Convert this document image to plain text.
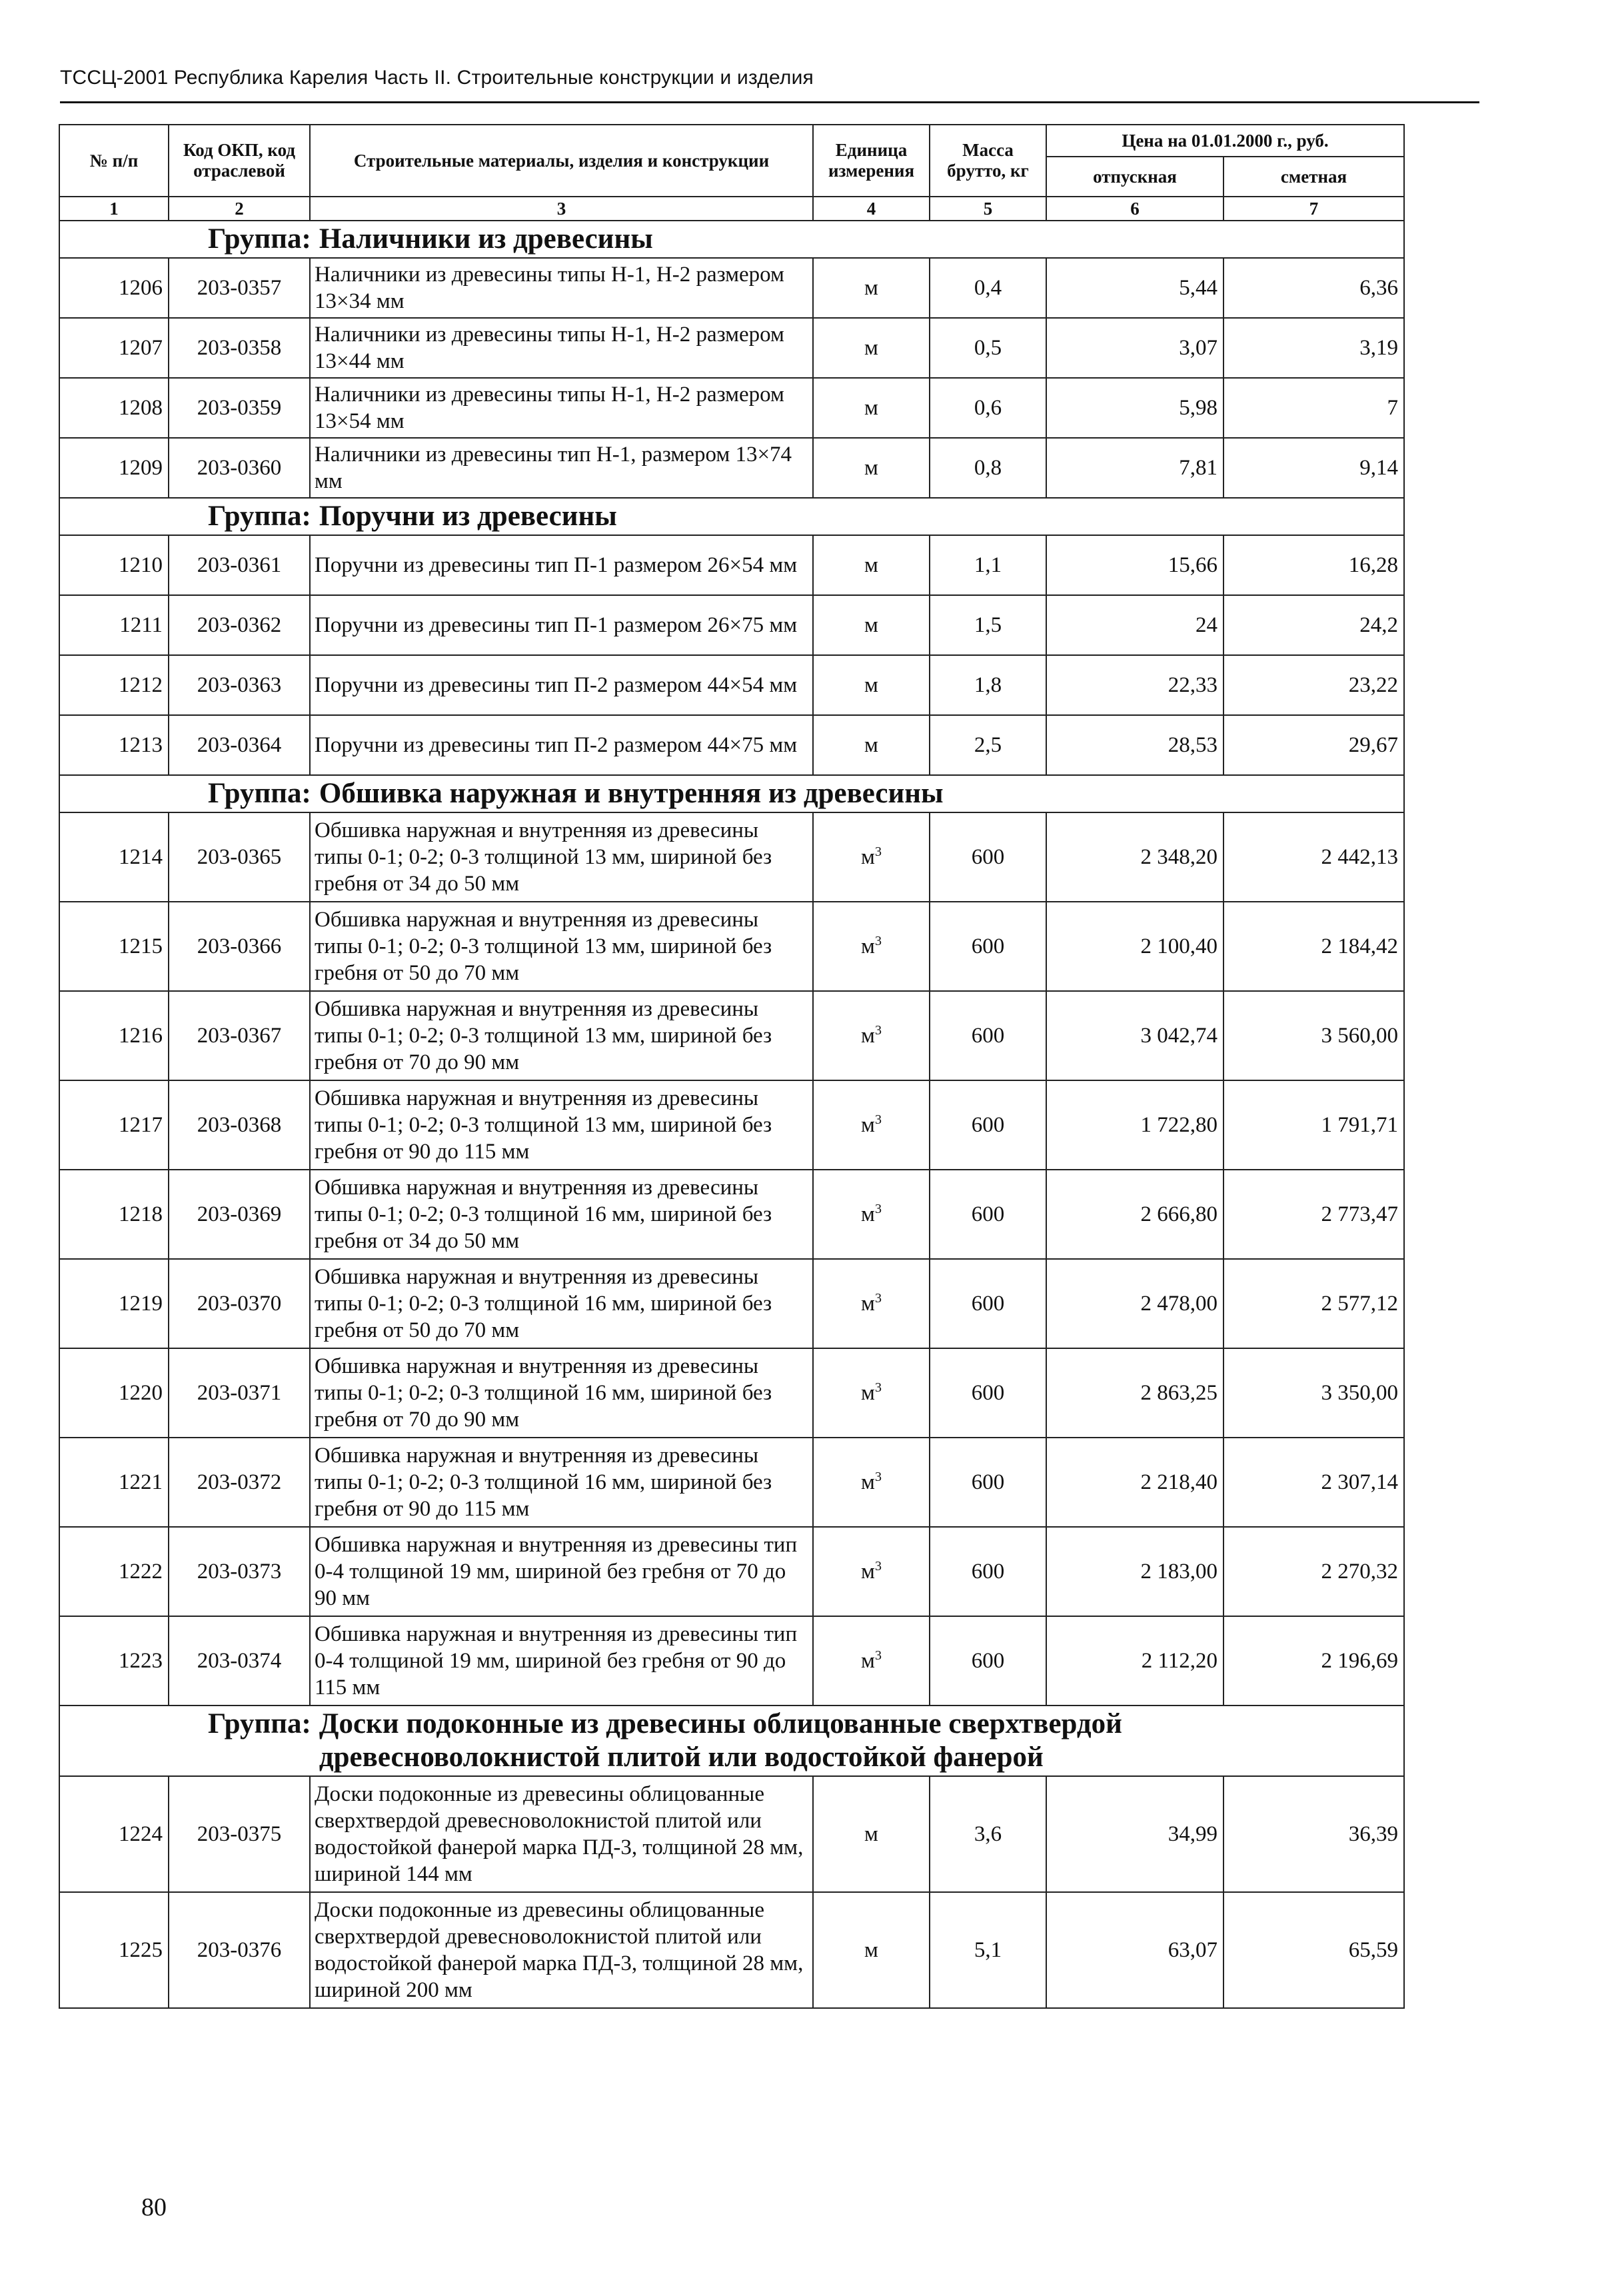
ТССЦ-2001 Республика Карелия Часть II. Строительные конструкции и изделия
№ п/п	Код ОКП, код отраслевой	Строительные материалы, изделия и конструкции	Единица измерения	Масса брутто, кг	Цена на 01.01.2000 г., руб.	
					отпускная	сметная
1	2	3	4	5	6	7

Группа: Наличники из древесины						

1206	203-0357	Наличники из древесины типы Н-1, Н-2 размером 13×34 мм	м	0,4	5,44	6,36
1207	203-0358	Наличники из древесины типы Н-1, Н-2 размером 13×44 мм	м	0,5	3,07	3,19
1208	203-0359	Наличники из древесины типы Н-1, Н-2 размером 13×54 мм	м	0,6	5,98	7
1209	203-0360	Наличники из древесины тип Н-1, размером 13×74 мм	м	0,8	7,81	9,14

Группа: Поручни из древесины						

1210	203-0361	Поручни из древесины тип П-1 размером 26×54 мм	м	1,1	15,66	16,28
1211	203-0362	Поручни из древесины тип П-1 размером 26×75 мм	м	1,5	24	24,2
1212	203-0363	Поручни из древесины тип П-2 размером 44×54 мм	м	1,8	22,33	23,22
1213	203-0364	Поручни из древесины тип П-2 размером 44×75 мм	м	2,5	28,53	29,67

Группа: Обшивка наружная и внутренняя из древесины						

1214	203-0365	Обшивка наружная и внутренняя из древесины типы 0-1; 0-2; 0-3 толщиной 13 мм, шириной без гребня от 34 до 50 мм	$м^3$	600	2 348,20	2 442,13
1215	203-0366	Обшивка наружная и внутренняя из древесины типы 0-1; 0-2; 0-3 толщиной 13 мм, шириной без гребня от 50 до 70 мм	$м^3$	600	2 100,40	2 184,42
1216	203-0367	Обшивка наружная и внутренняя из древесины типы 0-1; 0-2; 0-3 толщиной 13 мм, шириной без гребня от 70 до 90 мм	$м^3$	600	3 042,74	3 560,00
1217	203-0368	Обшивка наружная и внутренняя из древесины типы 0-1; 0-2; 0-3 толщиной 13 мм, шириной без гребня от 90 до 115 мм	$м^3$	600	1 722,80	1 791,71
1218	203-0369	Обшивка наружная и внутренняя из древесины типы 0-1; 0-2; 0-3 толщиной 16 мм, шириной без гребня от 34 до 50 мм	$м^3$	600	2 666,80	2 773,47
1219	203-0370	Обшивка наружная и внутренняя из древесины типы 0-1; 0-2; 0-3 толщиной 16 мм, шириной без гребня от 50 до 70 мм	$м^3$	600	2 478,00	2 577,12
1220	203-0371	Обшивка наружная и внутренняя из древесины типы 0-1; 0-2; 0-3 толщиной 16 мм, шириной без гребня от 70 до 90 мм	$м^3$	600	2 863,25	3 350,00
1221	203-0372	Обшивка наружная и внутренняя из древесины типы 0-1; 0-2; 0-3 толщиной 16 мм, шириной без гребня от 90 до 115 мм	$м^3$	600	2 218,40	2 307,14
1222	203-0373	Обшивка наружная и внутренняя из древесины тип 0-4 толщиной 19 мм, шириной без гребня от 70 до 90 мм	$м^3$	600	2 183,00	2 270,32
1223	203-0374	Обшивка наружная и внутренняя из древесины тип 0-4 толщиной 19 мм, шириной без гребня от 90 до 115 мм	$м^3$	600	2 112,20	2 196,69

Группа: Доски подоконные из древесины облицованные сверхтвердой древесноволокнистой плитой или водостойкой фанерой						

1224	203-0375	Доски подоконные из древесины облицованные сверхтвердой древесноволокнистой плитой или водостойкой фанерой марка ПД-3, толщиной 28 мм, шириной 144 мм	м	3,6	34,99	36,39
1225	203-0376	Доски подоконные из древесины облицованные сверхтвердой древесноволокнистой плитой или водостойкой фанерой марка ПД-3, толщиной 28 мм, шириной 200 мм	м	5,1	63,07	65,59
80
